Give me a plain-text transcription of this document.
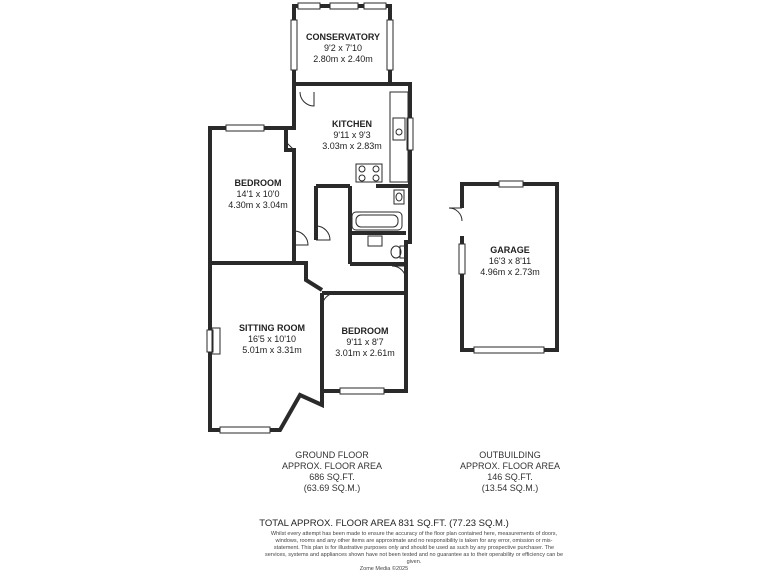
CONSERVATORY
9'2 x 7'10
2.80m x 2.40m
KITCHEN
9'11 x 9'3
3.03m x 2.83m
BEDROOM
14'1 x 10'0
4.30m x 3.04m
SITTING ROOM
16'5 x 10'10
5.01m x 3.31m
BEDROOM
9'11 x 8'7
3.01m x 2.61m
GARAGE
16'3 x 8'11
4.96m x 2.73m
GROUND FLOOR
APPROX. FLOOR AREA
686 SQ.FT.
(63.69 SQ.M.)
OUTBUILDING
APPROX. FLOOR AREA
146 SQ.FT.
(13.54 SQ.M.)
TOTAL APPROX. FLOOR AREA 831 SQ.FT. (77.23 SQ.M.)
Whilst every attempt has been made to ensure the accuracy of the floor plan contained here, measurements of doors, windows, rooms and any other items are approximate and no responsibility is taken for any error, omission or mis-statement. This plan is for illustrative purposes only and should be used as such by any prospective purchaser. The services, systems and appliances shown have not been tested and no guarantee as to their operability or efficiency can be given.
Zome Media ©2025
